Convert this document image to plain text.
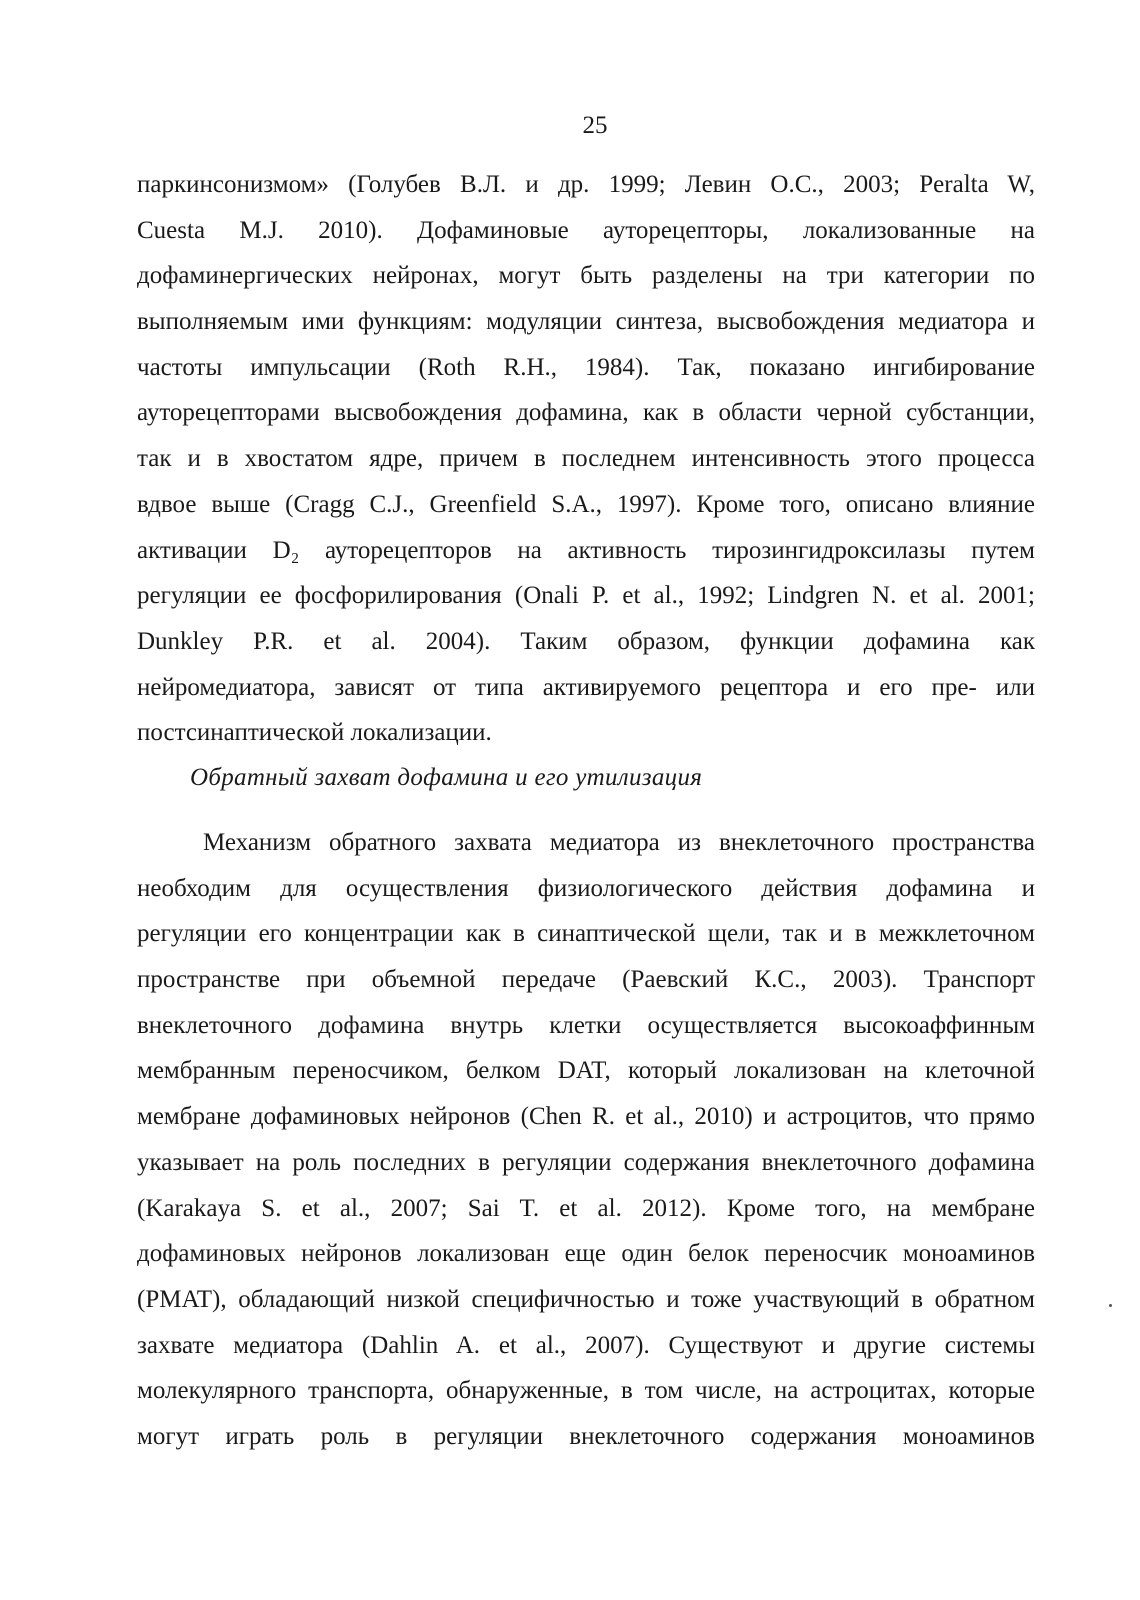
25
паркинсонизмом» (Голубев В.Л. и др. 1999; Левин О.С., 2003; Peralta W,
Cuesta M.J. 2010). Дофаминовые ауторецепторы, локализованные на
дофаминергических нейронах, могут быть разделены на три категории по
выполняемым ими функциям: модуляции синтеза, высвобождения медиатора и
частоты импульсации (Roth R.H., 1984). Так, показано ингибирование
ауторецепторами высвобождения дофамина, как в области черной субстанции,
так и в хвостатом ядре, причем в последнем интенсивность этого процесса
вдвое выше (Cragg C.J., Greenfield S.A., 1997). Кроме того, описано влияние
активации D₂ ауторецепторов на активность тирозингидроксилазы путем
регуляции ее фосфорилирования (Onali P. et al., 1992; Lindgren N. et al. 2001;
Dunkley P.R. et al. 2004). Таким образом, функции дофамина как
нейромедиатора, зависят от типа активируемого рецептора и его пре- или
постсинаптической локализации.
Обратный захват дофамина и его утилизация
Механизм обратного захвата медиатора из внеклеточного пространства
необходим для осуществления физиологического действия дофамина и
регуляции его концентрации как в синаптической щели, так и в межклеточном
пространстве при объемной передаче (Раевский К.С., 2003). Транспорт
внеклеточного дофамина внутрь клетки осуществляется высокоаффинным
мембранным переносчиком, белком DAT, который локализован на клеточной
мембране дофаминовых нейронов (Chen R. et al., 2010) и астроцитов, что прямо
указывает на роль последних в регуляции содержания внеклеточного дофамина
(Karakaya S. et al., 2007; Sai T. et al. 2012). Кроме того, на мембране
дофаминовых нейронов локализован еще один белок переносчик моноаминов
(PMAT), обладающий низкой специфичностью и тоже участвующий в обратном
захвате медиатора (Dahlin A. et al., 2007). Существуют и другие системы
молекулярного транспорта, обнаруженные, в том числе, на астроцитах, которые
могут играть роль в регуляции внеклеточного содержания моноаминов
